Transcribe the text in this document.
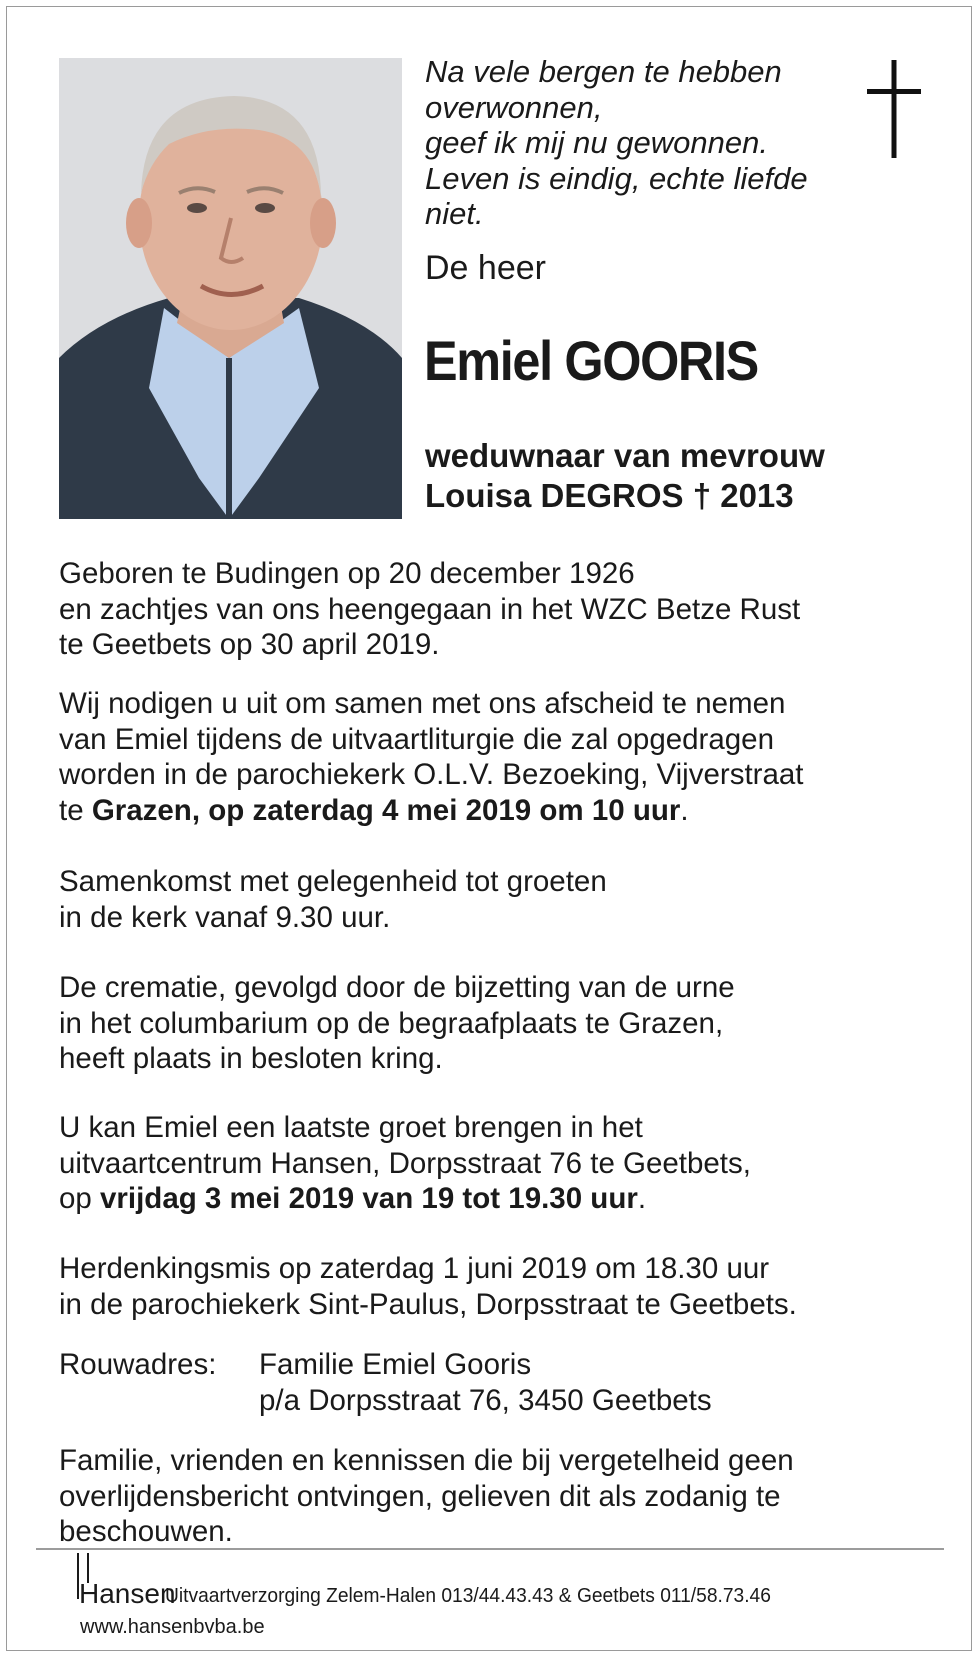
Na vele bergen te hebben
overwonnen,
geef ik mij nu gewonnen.
Leven is eindig, echte liefde
niet.
De heer
Emiel GOORIS
weduwnaar van mevrouw
Louisa DEGROS † 2013
Geboren te Budingen op 20 december 1926
en zachtjes van ons heengegaan in het WZC Betze Rust
te Geetbets op 30 april 2019.
Wij nodigen u uit om samen met ons afscheid te nemen
van Emiel tijdens de uitvaartliturgie die zal opgedragen
worden in de parochiekerk O.L.V. Bezoeking, Vijverstraat
te Grazen, op zaterdag 4 mei 2019 om 10 uur.
Samenkomst met gelegenheid tot groeten
in de kerk vanaf 9.30 uur.
De crematie, gevolgd door de bijzetting van de urne
in het columbarium op de begraafplaats te Grazen,
heeft plaats in besloten kring.
U kan Emiel een laatste groet brengen in het
uitvaartcentrum Hansen, Dorpsstraat 76 te Geetbets,
op vrijdag 3 mei 2019 van 19 tot 19.30 uur.
Herdenkingsmis op zaterdag 1 juni 2019 om 18.30 uur
in de parochiekerk Sint-Paulus, Dorpsstraat te Geetbets.
Rouwadres: Familie Emiel Gooris
p/a Dorpsstraat 76, 3450 Geetbets
Familie, vrienden en kennissen die bij vergetelheid geen
overlijdensbericht ontvingen, gelieven dit als zodanig te
beschouwen.
Hansen
Uitvaartverzorging Zelem-Halen 013/44.43.43 & Geetbets 011/58.73.46
www.hansenbvba.be
